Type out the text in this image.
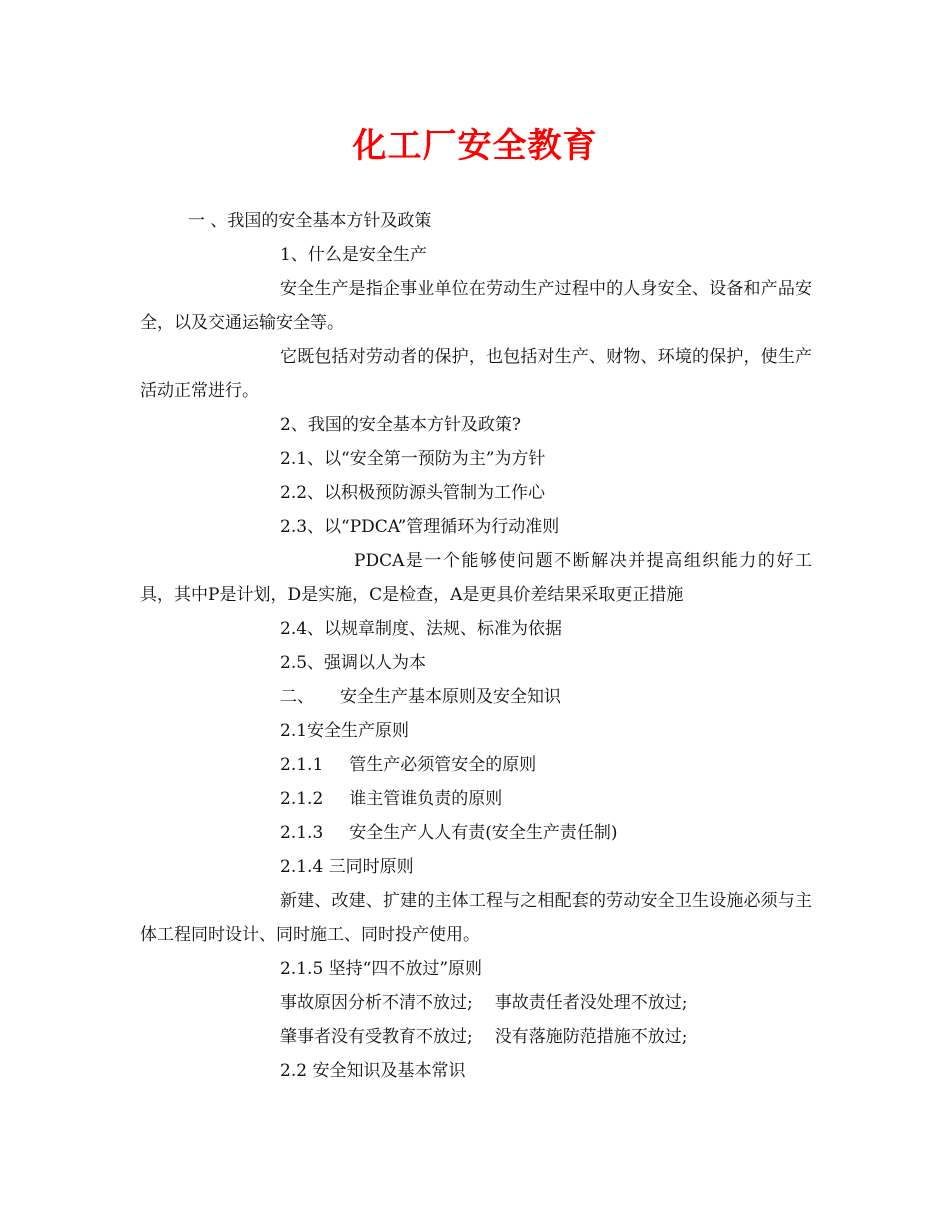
化工厂安全教育

一 、我国的安全基本方针及政策

1、什么是安全生产

安全生产是指企事业单位在劳动生产过程中的人身安全、设备和产品安全，以及交通运输安全等。

它既包括对劳动者的保护，也包括对生产、财物、环境的保护，使生产活动正常进行。

2、我国的安全基本方针及政策?

2.1、以“安全第一预防为主”为方针

2.2、以积极预防源头管制为工作心

2.3、以“PDCA”管理循环为行动准则

PDCA是一个能够使问题不断解决并提高组织能力的好工具，其中P是计划，D是实施，C是检查，A是更具价差结果采取更正措施

2.4、以规章制度、法规、标准为依据

2.5、强调以人为本

二、 安全生产基本原则及安全知识

2.1安全生产原则

2.1.1 管生产必须管安全的原则

2.1.2 谁主管谁负责的原则

2.1.3 安全生产人人有责(安全生产责任制)

2.1.4 三同时原则

新建、改建、扩建的主体工程与之相配套的劳动安全卫生设施必须与主体工程同时设计、同时施工、同时投产使用。

2.1.5 坚持“四不放过”原则

事故原因分析不清不放过; 事故责任者没处理不放过;

肇事者没有受教育不放过; 没有落施防范措施不放过;

2.2 安全知识及基本常识
